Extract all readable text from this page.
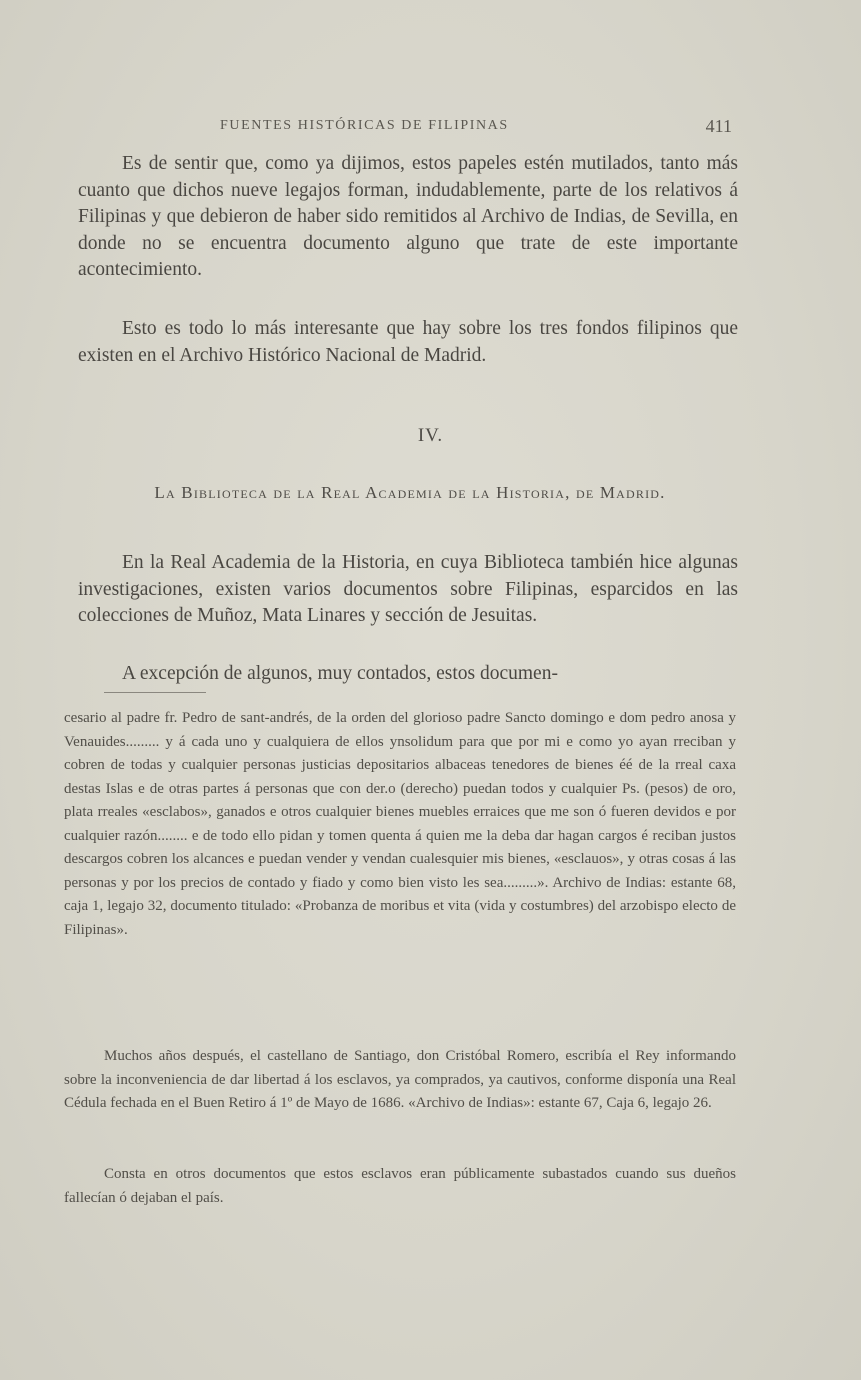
FUENTES HISTÓRICAS DE FILIPINAS	411

Es de sentir que, como ya dijimos, estos papeles estén mutilados, tanto más cuanto que dichos nueve legajos forman, indudablemente, parte de los relativos á Filipinas y que debieron de haber sido remitidos al Archivo de Indias, de Sevilla, en donde no se encuentra documento alguno que trate de este importante acontecimiento.

Esto es todo lo más interesante que hay sobre los tres fondos filipinos que existen en el Archivo Histórico Nacional de Madrid.

IV.
La Biblioteca de la Real Academia de la Historia, de Madrid.

En la Real Academia de la Historia, en cuya Biblioteca también hice algunas investigaciones, existen varios documentos sobre Filipinas, esparcidos en las colecciones de Muñoz, Mata Linares y sección de Jesuitas.

A excepción de algunos, muy contados, estos documen-

cesario al padre fr. Pedro de sant-andrés, de la orden del glorioso padre Sancto domingo e dom pedro anosa y Venauides......... y á cada uno y cualquiera de ellos ynsolidum para que por mi e como yo ayan rreciban y cobren de todas y cualquier personas justicias depositarios albaceas tenedores de bienes éé de la rreal caxa destas Islas e de otras partes á personas que con der.o (derecho) puedan todos y cualquier Ps. (pesos) de oro, plata rreales «esclabos», ganados e otros cualquier bienes muebles erraices que me son ó fueren devidos e por cualquier razón........ e de todo ello pidan y tomen quenta á quien me la deba dar hagan cargos é reciban justos descargos cobren los alcances e puedan vender y vendan cualesquier mis bienes, «esclauos», y otras cosas á las personas y por los precios de contado y fiado y como bien visto les sea.........». Archivo de Indias: estante 68, caja 1, legajo 32, documento titulado: «Probanza de moribus et vita (vida y costumbres) del arzobispo electo de Filipinas».

Muchos años después, el castellano de Santiago, don Cristóbal Romero, escribía el Rey informando sobre la inconveniencia de dar libertad á los esclavos, ya comprados, ya cautivos, conforme disponía una Real Cédula fechada en el Buen Retiro á 1º de Mayo de 1686. «Archivo de Indias»: estante 67, Caja 6, legajo 26.

Consta en otros documentos que estos esclavos eran públicamente subastados cuando sus dueños fallecían ó dejaban el país.
